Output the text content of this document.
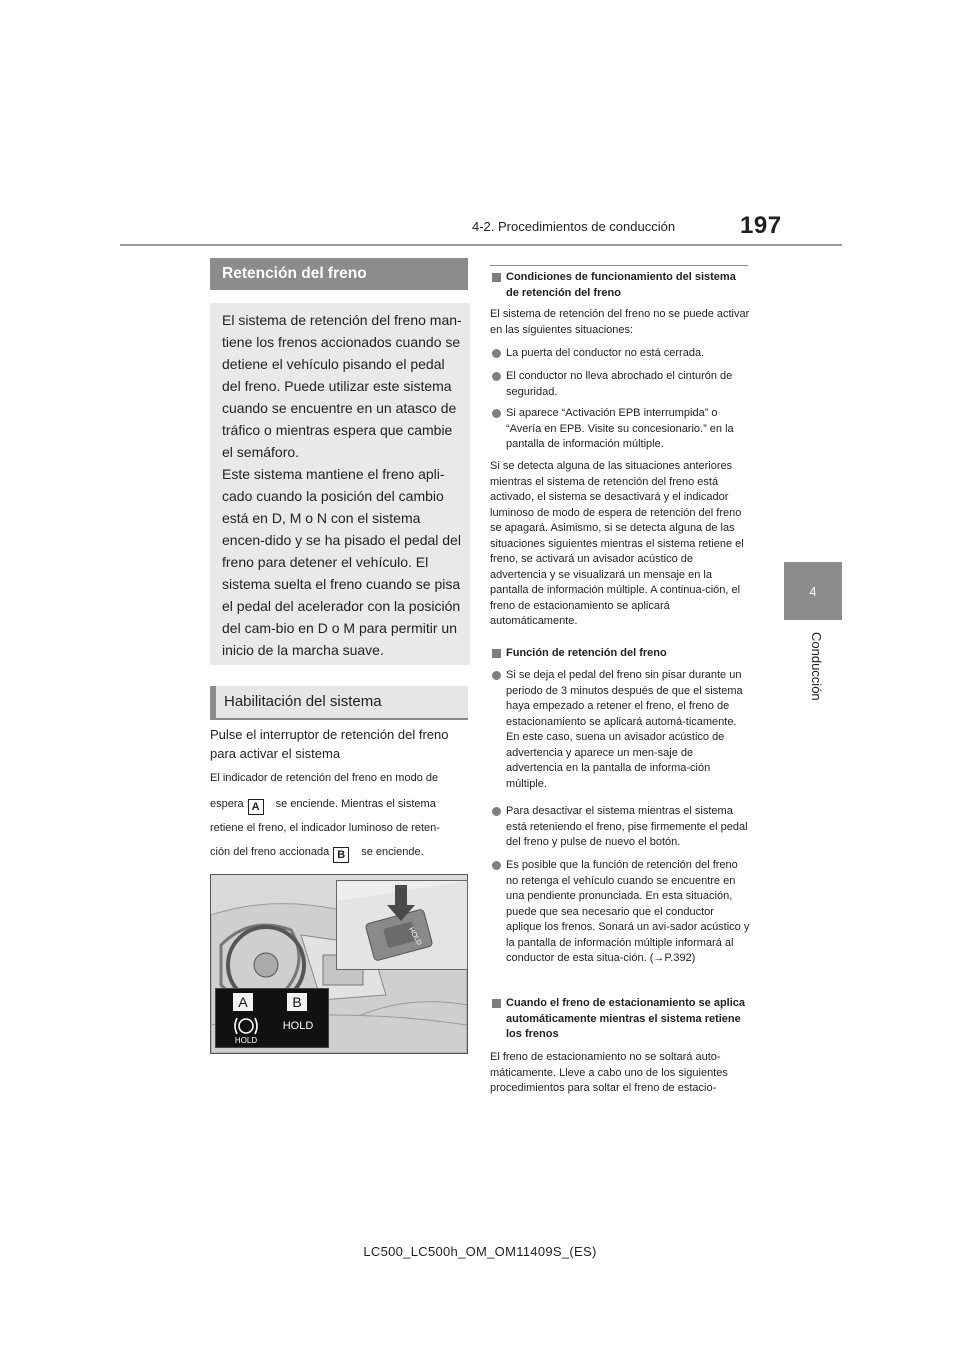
4-2. Procedimientos de conducción	197
4
Conducción
Retención del freno

El sistema de retención del freno man-tiene los frenos accionados cuando se detiene el vehículo pisando el pedal del freno. Puede utilizar este sistema cuando se encuentre en un atasco de tráfico o mientras espera que cambie el semáforo.

Este sistema mantiene el freno apli-cado cuando la posición del cambio está en D, M o N con el sistema encen-dido y se ha pisado el pedal del freno para detener el vehículo. El sistema suelta el freno cuando se pisa el pedal del acelerador con la posición del cam-bio en D o M para permitir un inicio de la marcha suave.

Habilitación del sistema
Pulse el interruptor de retención del freno para activar el sistema
El indicador de retención del freno en modo de
espera A se enciende. Mientras el sistema
retiene el freno, el indicador luminoso de reten-
ción del freno accionada B se enciende.
HOLD
A	B
HOLD
HOLD
Condiciones de funcionamiento del sistema de retención del freno
El sistema de retención del freno no se puede activar en las siguientes situaciones:
La puerta del conductor no está cerrada.
El conductor no lleva abrochado el cinturón de seguridad.
Si aparece “Activación EPB interrumpida” o “Avería en EPB. Visite su concesionario.” en la pantalla de información múltiple.
Si se detecta alguna de las situaciones anteriores mientras el sistema de retención del freno está activado, el sistema se desactivará y el indicador luminoso de modo de espera de retención del freno se apagará. Asimismo, si se detecta alguna de las situaciones siguientes mientras el sistema retiene el freno, se activará un avisador acústico de advertencia y se visualizará un mensaje en la pantalla de información múltiple. A continua-ción, el freno de estacionamiento se aplicará automáticamente.
Función de retención del freno
Si se deja el pedal del freno sin pisar durante un periodo de 3 minutos después de que el sistema haya empezado a retener el freno, el freno de estacionamiento se aplicará automá-ticamente. En este caso, suena un avisador acústico de advertencia y aparece un men-saje de advertencia en la pantalla de informa-ción múltiple.
Para desactivar el sistema mientras el sistema está reteniendo el freno, pise firmemente el pedal del freno y pulse de nuevo el botón.
Es posible que la función de retención del freno no retenga el vehículo cuando se encuentre en una pendiente pronunciada. En esta situación, puede que sea necesario que el conductor aplique los frenos. Sonará un avi-sador acústico y la pantalla de información múltiple informará al conductor de esta situa-ción. (→P.392)
Cuando el freno de estacionamiento se aplica automáticamente mientras el sistema retiene los frenos
El freno de estacionamiento no se soltará auto-máticamente. Lleve a cabo uno de los siguientes procedimientos para soltar el freno de estacio-
LC500_LC500h_OM_OM11409S_(ES)
